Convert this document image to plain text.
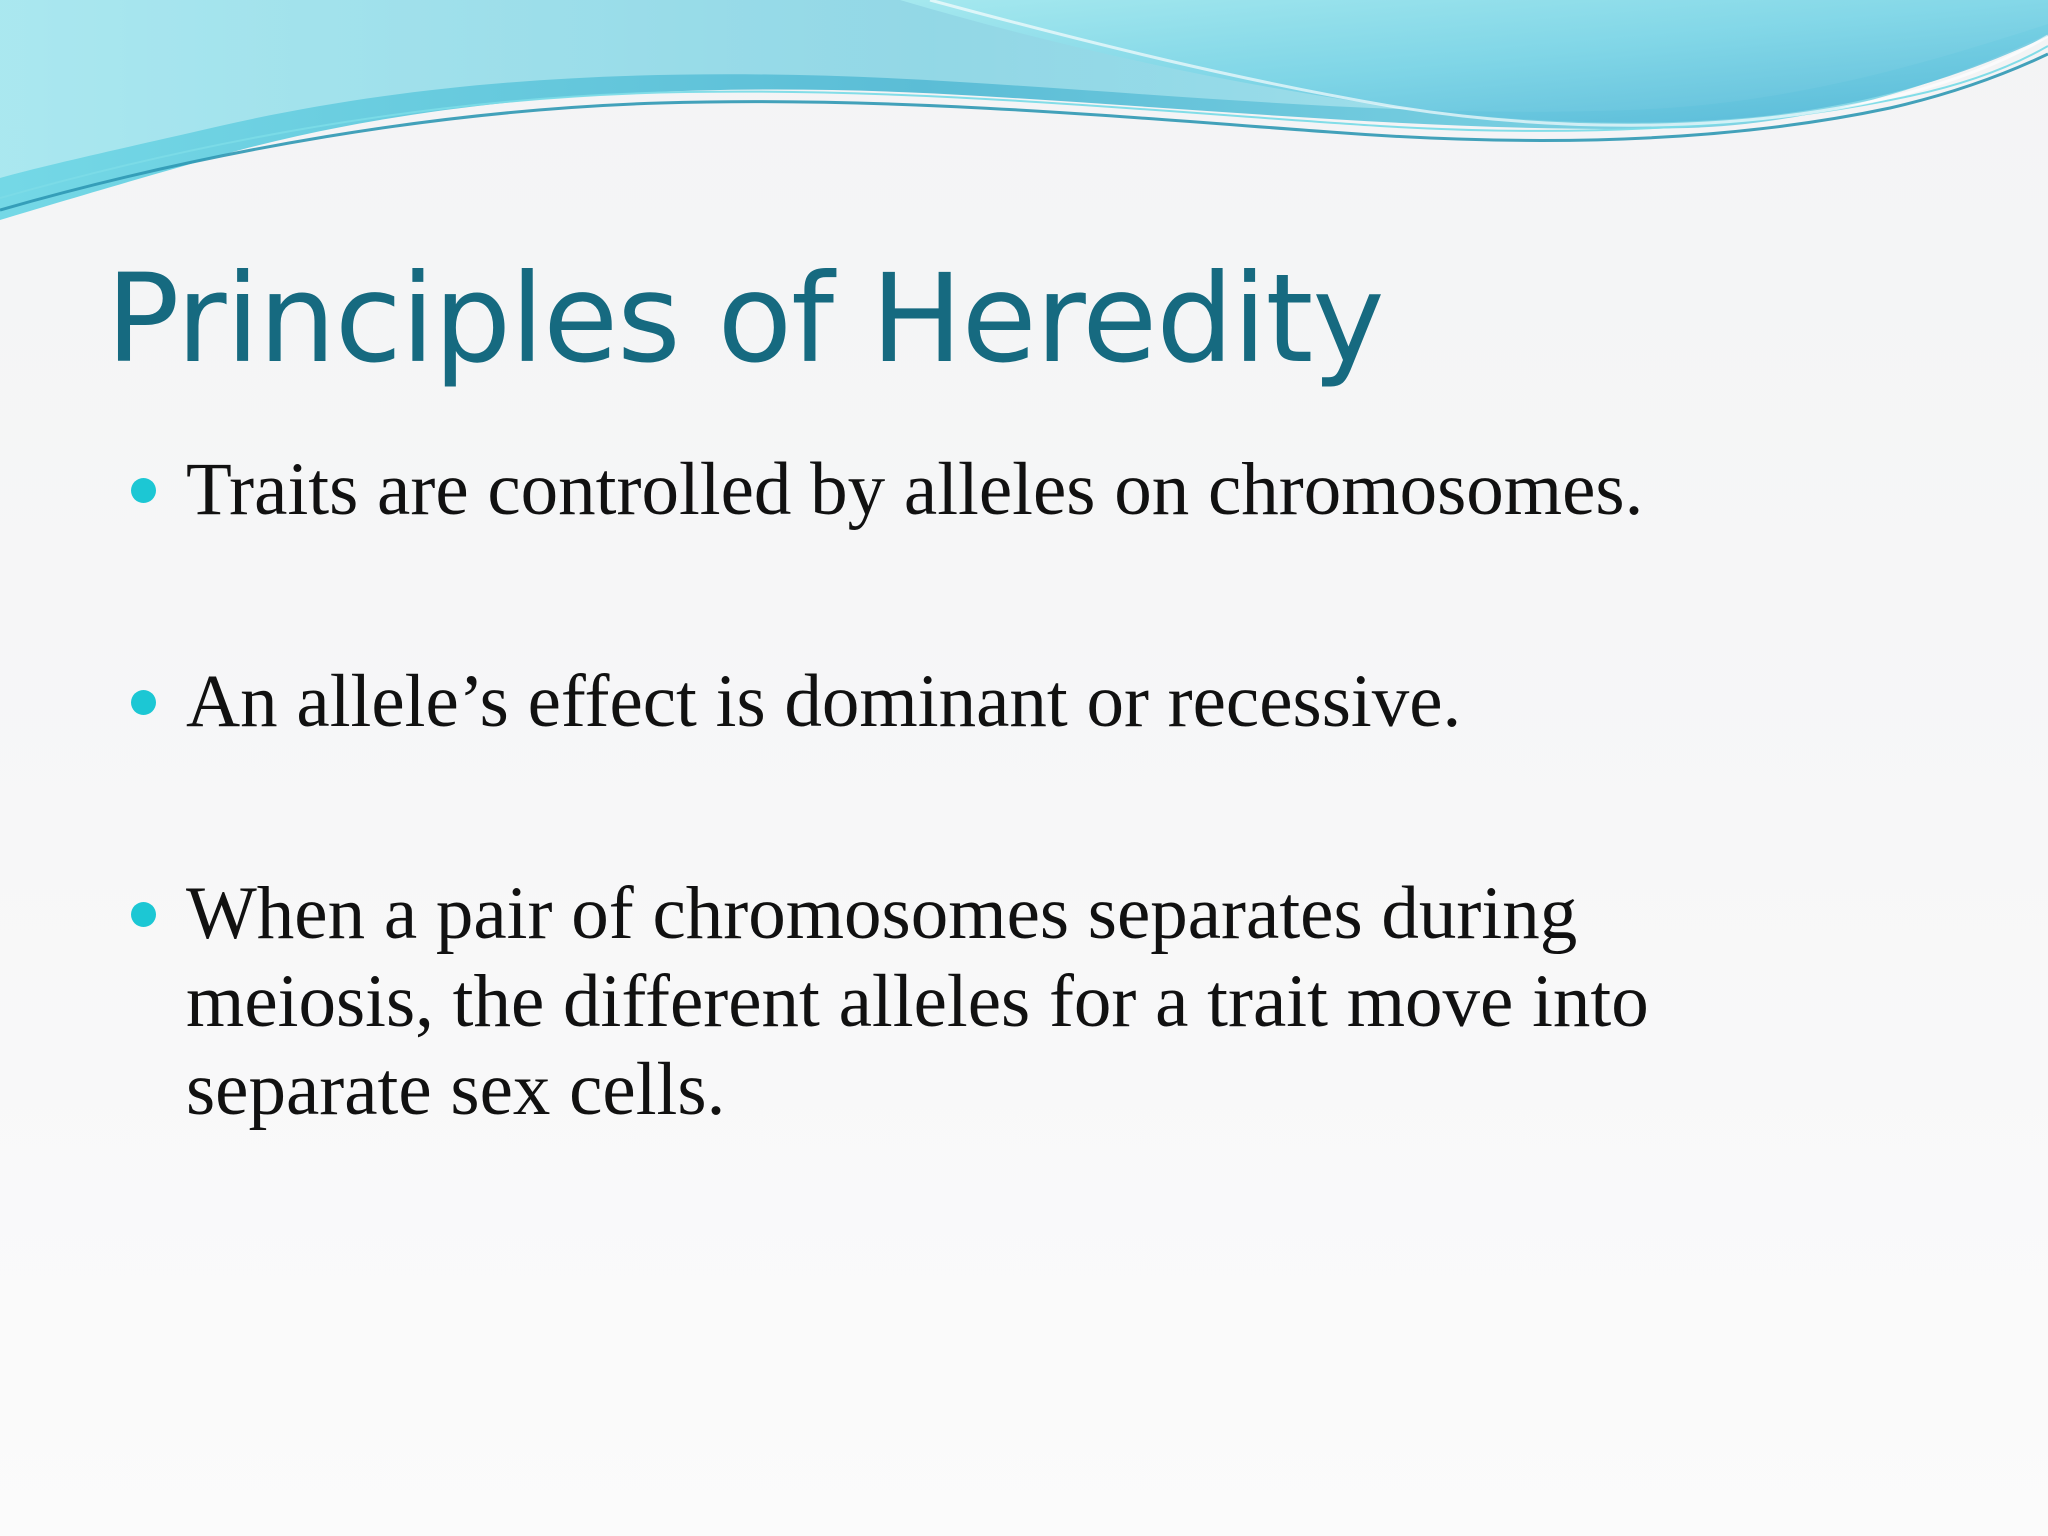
Principles of Heredity
Traits are controlled by alleles on chromosomes.
An allele’s effect is dominant or recessive.
When a pair of chromosomes separates during meiosis, the different alleles for a trait move into separate sex cells.
